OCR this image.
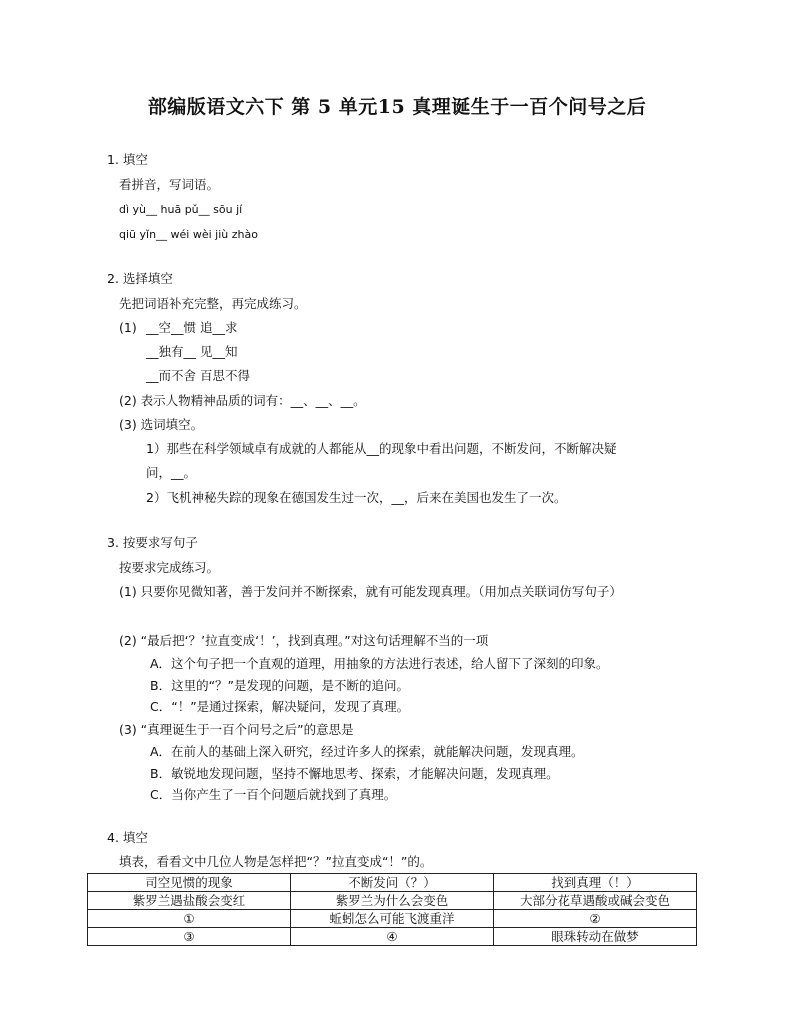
部编版语文六下 第 5 单元15 真理诞生于一百个问号之后
1. 填空
看拼音，写词语。
dì yù__ huā pǔ__ sōu jí
qiū yǐn__ wéi wèi jiù zhào
2. 选择填空
先把词语补充完整，再完成练习。
(1) __空__惯 追__求
__独有__ 见__知
__而不舍 百思不得
(2) 表示人物精神品质的词有：__、__、__。
(3) 选词填空。
1）那些在科学领域卓有成就的人都能从__的现象中看出问题，不断发问，不断解决疑
问，__。
2）飞机神秘失踪的现象在德国发生过一次，__，后来在美国也发生了一次。
3. 按要求写句子
按要求完成练习。
(1) 只要你见微知著，善于发问并不断探索，就有可能发现真理。（用加点关联词仿写句子）
(2) “最后把‘？’拉直变成‘！’，找到真理。”对这句话理解不当的一项
A．这个句子把一个直观的道理，用抽象的方法进行表述，给人留下了深刻的印象。
B．这里的“？”是发现的问题，是不断的追问。
C．“！”是通过探索，解决疑问，发现了真理。
(3) “真理诞生于一百个问号之后”的意思是
A．在前人的基础上深入研究，经过许多人的探索，就能解决问题，发现真理。
B．敏锐地发现问题，坚持不懈地思考、探索，才能解决问题，发现真理。
C．当你产生了一百个问题后就找到了真理。
4. 填空
填表，看看文中几位人物是怎样把“？”拉直变成“！”的。
司空见惯的现象	不断发问（？）	找到真理（！）
紫罗兰遇盐酸会变红	紫罗兰为什么会变色	大部分花草遇酸或碱会变色
①	蚯蚓怎么可能飞渡重洋	②
③	④	眼珠转动在做梦
